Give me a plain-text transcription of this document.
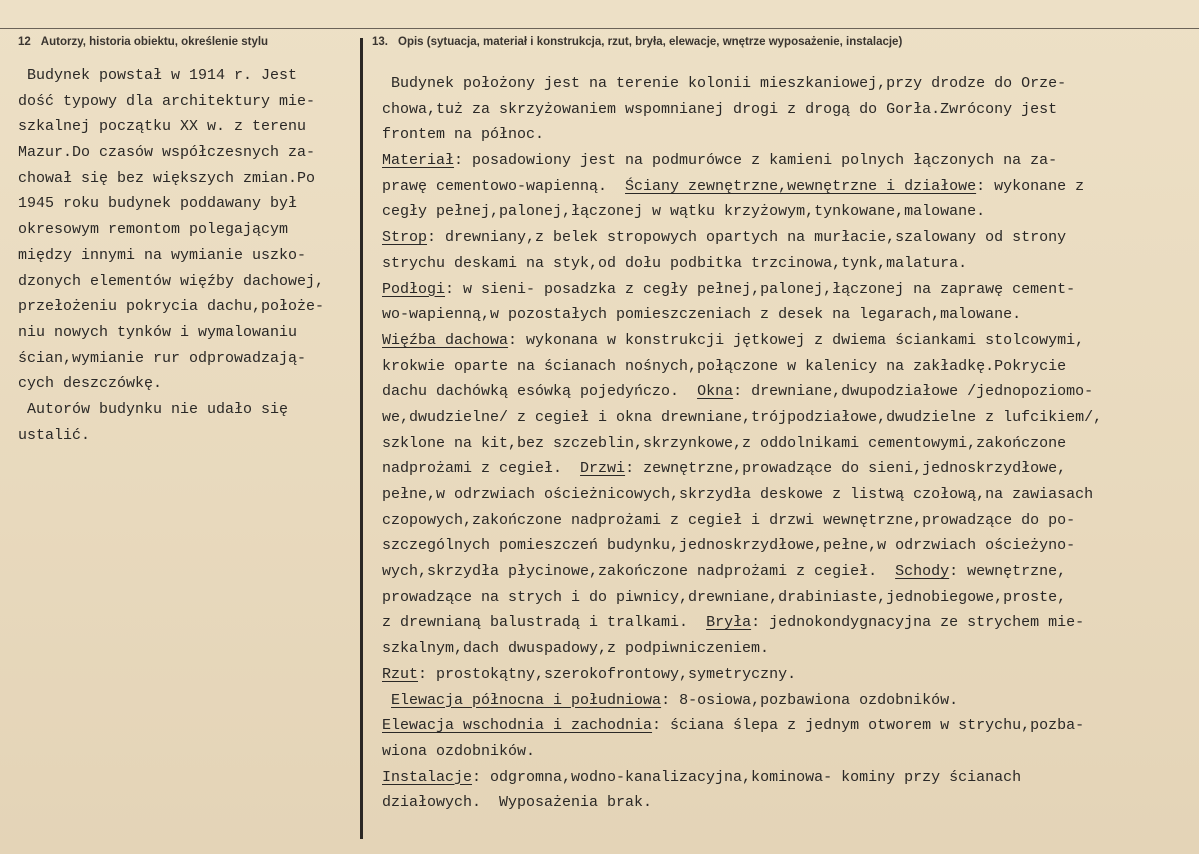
12 Autorzy, historia obiektu, określenie stylu	13. Opis (sytuacja, materiał i konstrukcja, rzut, bryła, elewacje, wnętrze wyposażenie, instalacje)
Budynek powstał w 1914 r. Jest
dość typowy dla architektury mie-
szkalnej początku XX w. z terenu
Mazur.Do czasów współczesnych za-
chował się bez większych zmian.Po
1945 roku budynek poddawany był
okresowym remontom polegającym
między innymi na wymianie uszko-
dzonych elementów więźby dachowej,
przełożeniu pokrycia dachu,położe-
niu nowych tynków i wymalowaniu
ścian,wymianie rur odprowadzają-
cych deszczówkę.
Autorów budynku nie udało się
ustalić.
Budynek położony jest na terenie kolonii mieszkaniowej,przy drodze do Orze-
chowa,tuż za skrzyżowaniem wspomnianej drogi z drogą do Gorła.Zwrócony jest
frontem na północ.
Materiał: posadowiony jest na podmurówce z kamieni polnych łączonych na za-
prawę cementowo-wapienną.  Ściany zewnętrzne,wewnętrzne i działowe: wykonane z
cegły pełnej,palonej,łączonej w wątku krzyżowym,tynkowane,malowane.
Strop: drewniany,z belek stropowych opartych na murłacie,szalowany od strony
strychu deskami na styk,od dołu podbitka trzcinowa,tynk,malatura.
Podłogi: w sieni- posadzka z cegły pełnej,palonej,łączonej na zaprawę cement-
wo-wapienną,w pozostałych pomieszczeniach z desek na legarach,malowane.
Więźba dachowa: wykonana w konstrukcji jętkowej z dwiema ściankami stolcowymi,
krokwie oparte na ścianach nośnych,połączone w kalenicy na zakładkę.Pokrycie
dachu dachówką esówką pojedyńczo.  Okna: drewniane,dwupodziałowe /jednopoziomo-
we,dwudzielne/ z cegieł i okna drewniane,trójpodziałowe,dwudzielne z lufcikiem/,
szklone na kit,bez szczeblin,skrzynkowe,z oddolnikami cementowymi,zakończone
nadprożami z cegieł.  Drzwi: zewnętrzne,prowadzące do sieni,jednoskrzydłowe,
pełne,w odrzwiach ościeżnicowych,skrzydła deskowe z listwą czołową,na zawiasach
czopowych,zakończone nadprożami z cegieł i drzwi wewnętrzne,prowadzące do po-
szczególnych pomieszczeń budynku,jednoskrzydłowe,pełne,w odrzwiach ościeżyno-
wych,skrzydła płycinowe,zakończone nadprożami z cegieł.  Schody: wewnętrzne,
prowadzące na strych i do piwnicy,drewniane,drabiniaste,jednobiegowe,proste,
z drewnianą balustradą i tralkami.  Bryła: jednokondygnacyjna ze strychem mie-
szkalnym,dach dwuspadowy,z podpiwniczeniem.
Rzut: prostokątny,szerokofrontowy,symetryczny.
Elewacja północna i południowa: 8-osiowa,pozbawiona ozdobników.
Elewacja wschodnia i zachodnia: ściana ślepa z jednym otworem w strychu,pozba-
wiona ozdobników.
Instalacje: odgromna,wodno-kanalizacyjna,kominowa- kominy przy ścianach
działowych.  Wyposażenia brak.
